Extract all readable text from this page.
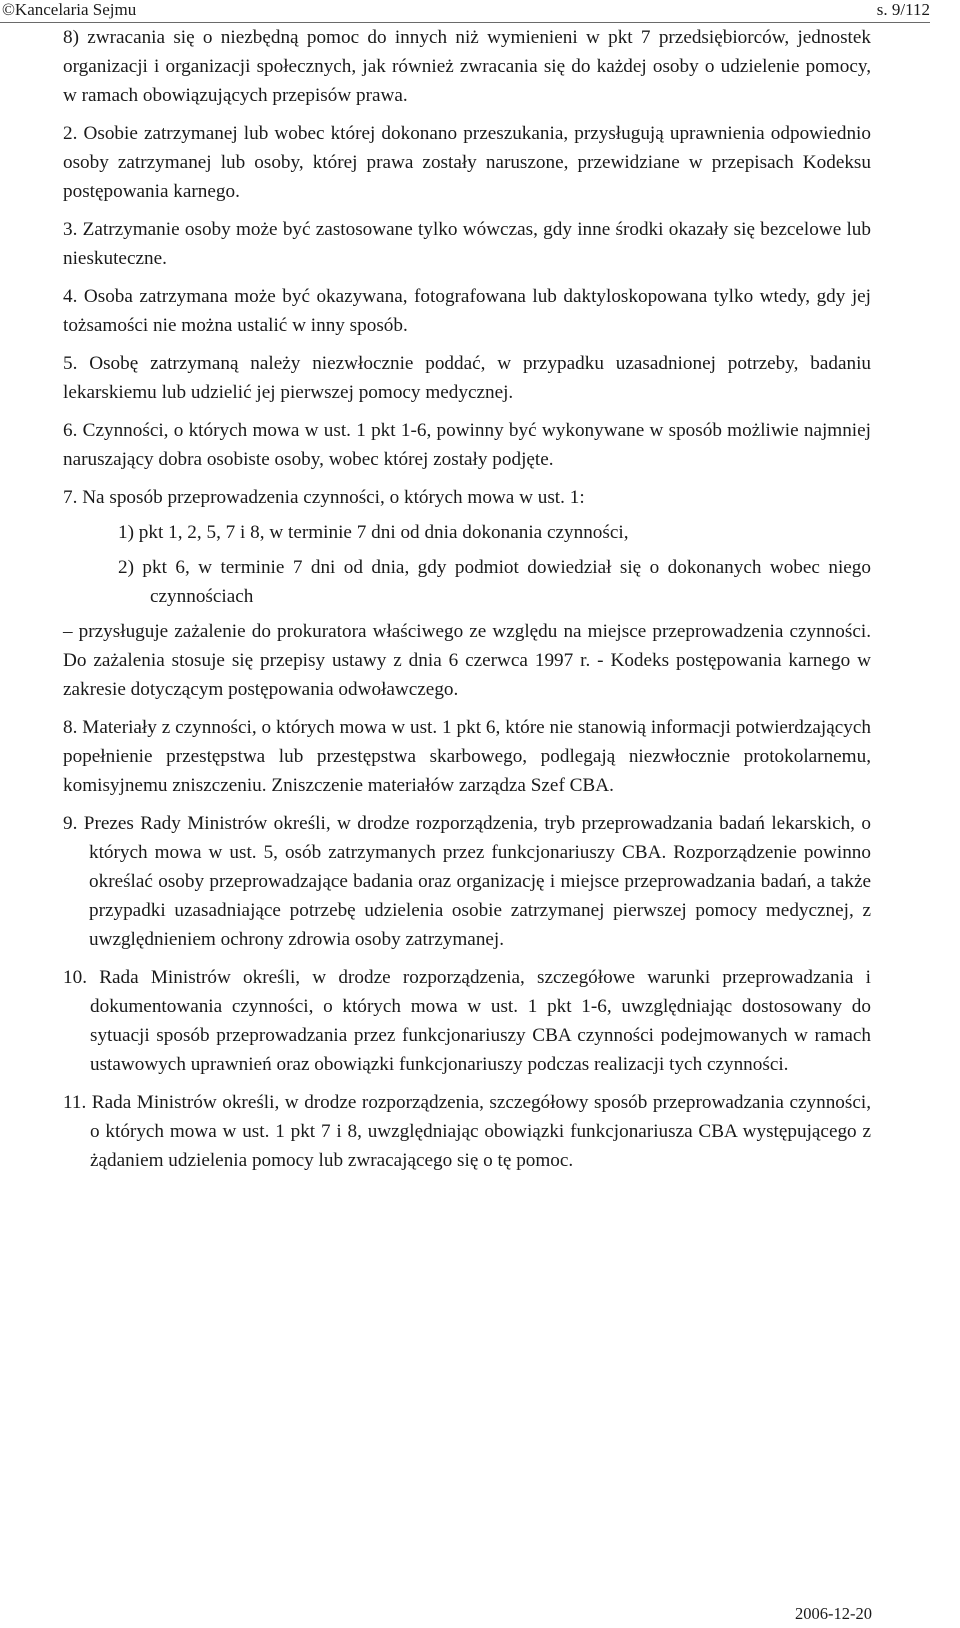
©Kancelaria Sejmu	s. 9/112

8) zwracania się o niezbędną pomoc do innych niż wymienieni w pkt 7 przedsiębiorców, jednostek organizacji i organizacji społecznych, jak również zwracania się do każdej osoby o udzielenie pomocy, w ramach obowiązujących przepisów prawa.

2. Osobie zatrzymanej lub wobec której dokonano przeszukania, przysługują uprawnienia odpowiednio osoby zatrzymanej lub osoby, której prawa zostały naruszone, przewidziane w przepisach Kodeksu postępowania karnego.

3. Zatrzymanie osoby może być zastosowane tylko wówczas, gdy inne środki okazały się bezcelowe lub nieskuteczne.

4. Osoba zatrzymana może być okazywana, fotografowana lub daktyloskopowana tylko wtedy, gdy jej tożsamości nie można ustalić w inny sposób.

5. Osobę zatrzymaną należy niezwłocznie poddać, w przypadku uzasadnionej potrzeby, badaniu lekarskiemu lub udzielić jej pierwszej pomocy medycznej.

6. Czynności, o których mowa w ust. 1 pkt 1-6, powinny być wykonywane w sposób możliwie najmniej naruszający dobra osobiste osoby, wobec której zostały podjęte.

7. Na sposób przeprowadzenia czynności, o których mowa w ust. 1:

1) pkt 1, 2, 5, 7 i 8, w terminie 7 dni od dnia dokonania czynności,

2) pkt 6, w terminie 7 dni od dnia, gdy podmiot dowiedział się o dokonanych wobec niego czynnościach

– przysługuje zażalenie do prokuratora właściwego ze względu na miejsce przeprowadzenia czynności. Do zażalenia stosuje się przepisy ustawy z dnia 6 czerwca 1997 r. - Kodeks postępowania karnego w zakresie dotyczącym postępowania odwoławczego.

8. Materiały z czynności, o których mowa w ust. 1 pkt 6, które nie stanowią informacji potwierdzających popełnienie przestępstwa lub przestępstwa skarbowego, podlegają niezwłocznie protokolarnemu, komisyjnemu zniszczeniu. Zniszczenie materiałów zarządza Szef CBA.

9. Prezes Rady Ministrów określi, w drodze rozporządzenia, tryb przeprowadzania badań lekarskich, o których mowa w ust. 5, osób zatrzymanych przez funkcjonariuszy CBA. Rozporządzenie powinno określać osoby przeprowadzające badania oraz organizację i miejsce przeprowadzania badań, a także przypadki uzasadniające potrzebę udzielenia osobie zatrzymanej pierwszej pomocy medycznej, z uwzględnieniem ochrony zdrowia osoby zatrzymanej.

10. Rada Ministrów określi, w drodze rozporządzenia, szczegółowe warunki przeprowadzania i dokumentowania czynności, o których mowa w ust. 1 pkt 1-6, uwzględniając dostosowany do sytuacji sposób przeprowadzania przez funkcjonariuszy CBA czynności podejmowanych w ramach ustawowych uprawnień oraz obowiązki funkcjonariuszy podczas realizacji tych czynności.

11. Rada Ministrów określi, w drodze rozporządzenia, szczegółowy sposób przeprowadzania czynności, o których mowa w ust. 1 pkt 7 i 8, uwzględniając obowiązki funkcjonariusza CBA występującego z żądaniem udzielenia pomocy lub zwracającego się o tę pomoc.

2006-12-20
